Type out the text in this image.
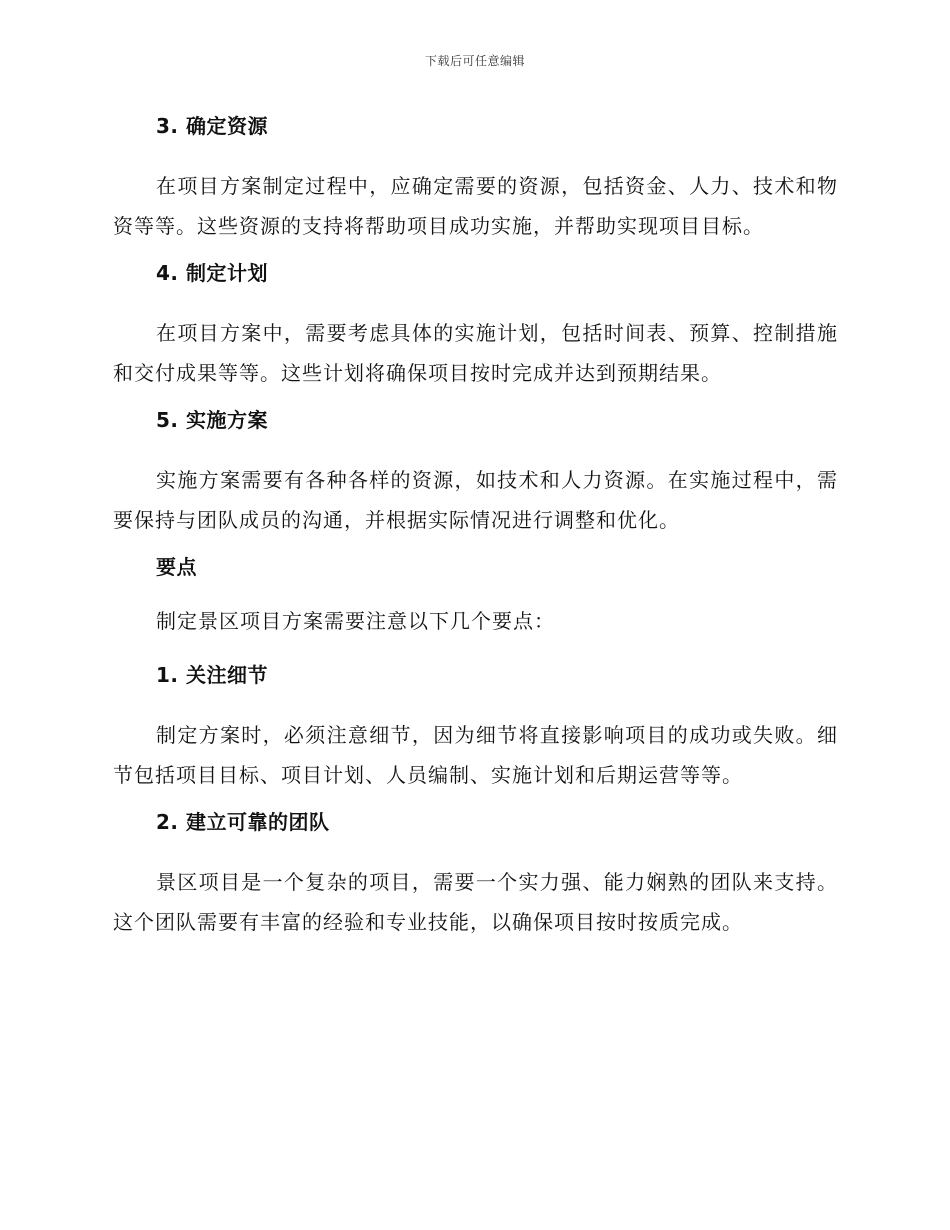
下载后可任意编辑
3. 确定资源
在项目方案制定过程中，应确定需要的资源，包括资金、人力、技术和物资等等。这些资源的支持将帮助项目成功实施，并帮助实现项目目标。
4. 制定计划
在项目方案中，需要考虑具体的实施计划，包括时间表、预算、控制措施和交付成果等等。这些计划将确保项目按时完成并达到预期结果。
5. 实施方案
实施方案需要有各种各样的资源，如技术和人力资源。在实施过程中，需要保持与团队成员的沟通，并根据实际情况进行调整和优化。
要点
制定景区项目方案需要注意以下几个要点：
1. 关注细节
制定方案时，必须注意细节，因为细节将直接影响项目的成功或失败。细节包括项目目标、项目计划、人员编制、实施计划和后期运营等等。
2. 建立可靠的团队
景区项目是一个复杂的项目，需要一个实力强、能力娴熟的团队来支持。这个团队需要有丰富的经验和专业技能，以确保项目按时按质完成。
